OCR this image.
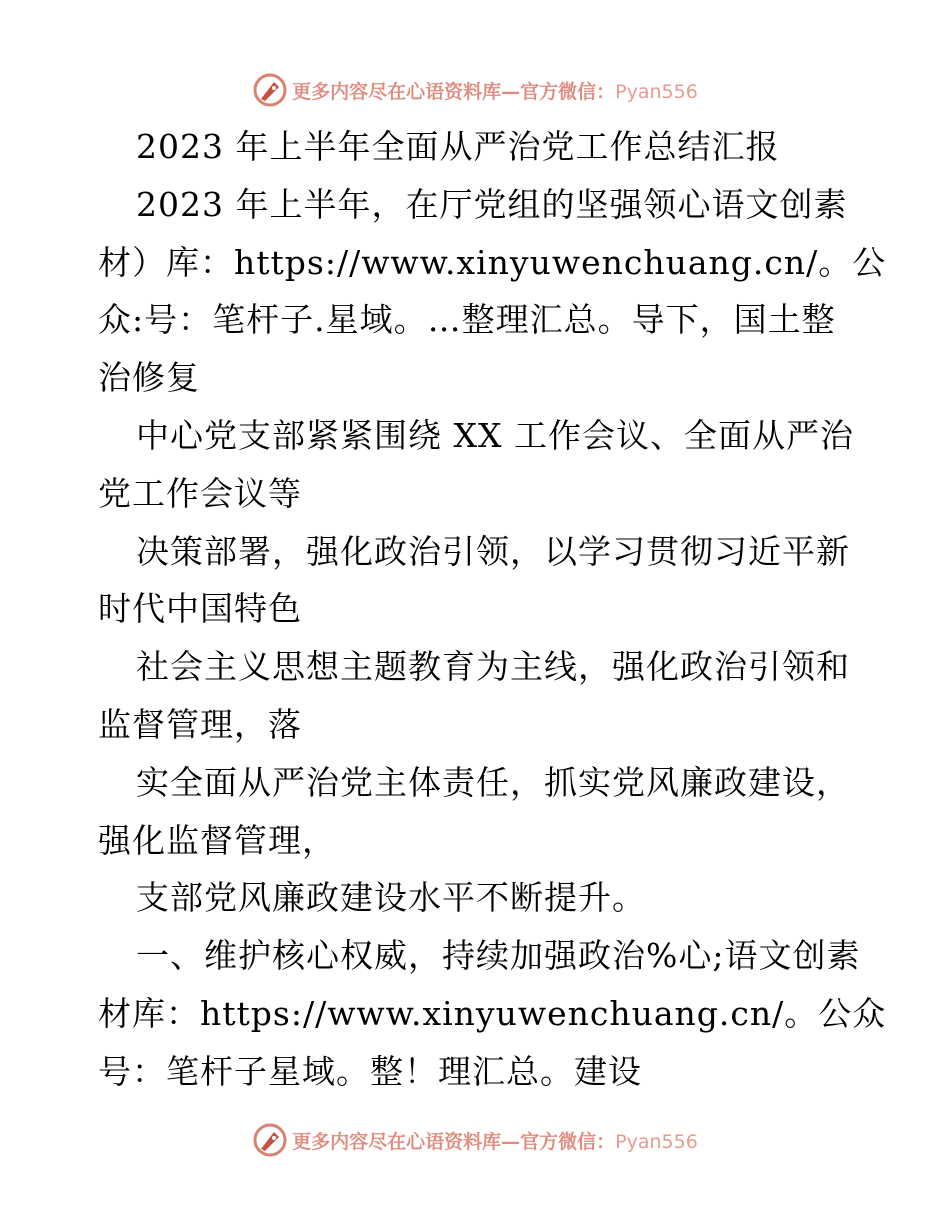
更多内容尽在心语资料库—官方微信：Pyan556
2023 年上半年全面从严治党工作总结汇报
2023 年上半年，在厅党组的坚强领心语文创素
材）库：https://www.xinyuwenchuang.cn/。公
众:号：笔杆子.星域。…整理汇总。导下，国土整
治修复
中心党支部紧紧围绕 XX 工作会议、全面从严治
党工作会议等
决策部署，强化政治引领，以学习贯彻习近平新
时代中国特色
社会主义思想主题教育为主线，强化政治引领和
监督管理，落
实全面从严治党主体责任，抓实党风廉政建设，
强化监督管理，
支部党风廉政建设水平不断提升。
一、维护核心权威，持续加强政治%心;语文创素
材库：https://www.xinyuwenchuang.cn/。公众
号：笔杆子星域。整！理汇总。建设
更多内容尽在心语资料库—官方微信：Pyan556
